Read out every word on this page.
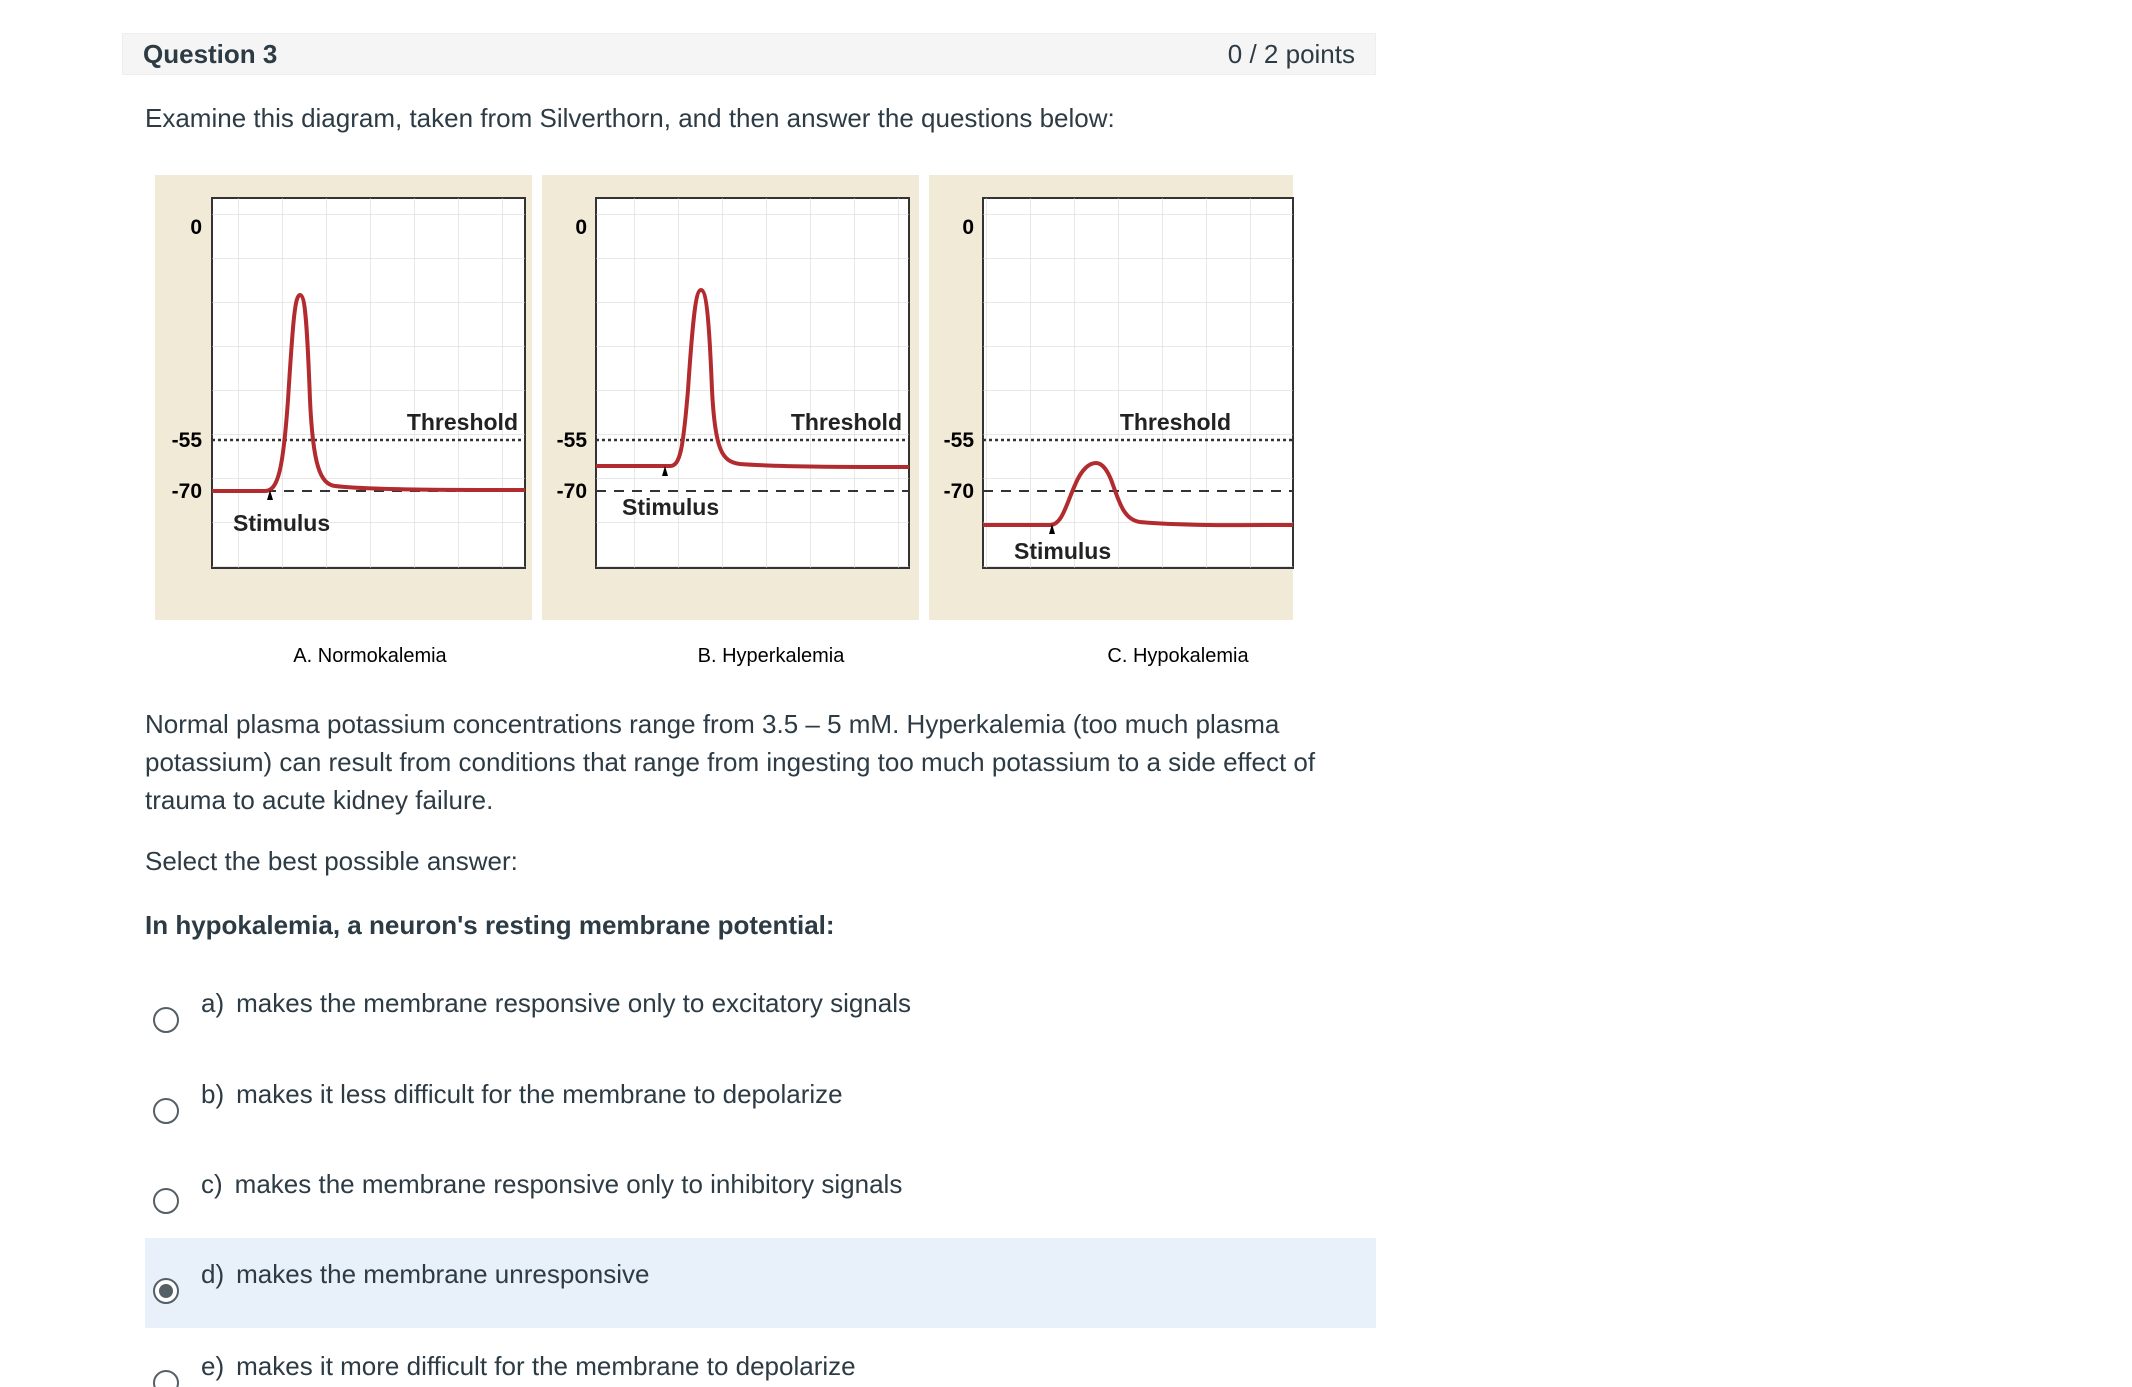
Question 3	0 / 2 points
Examine this diagram, taken from Silverthorn, and then answer the questions below:
0
-55
-70
Threshold
Stimulus
A. Normokalemia
0
-55
-70
Threshold
Stimulus
B. Hyperkalemia
0
-55
-70
Threshold
Stimulus
C. Hypokalemia
Normal plasma potassium concentrations range from 3.5 – 5 mM. Hyperkalemia (too much plasma potassium) can result from conditions that range from ingesting too much potassium to a side effect of trauma to acute kidney failure.
Select the best possible answer:
In hypokalemia, a neuron's resting membrane potential:
a) makes the membrane responsive only to excitatory signals
b) makes it less difficult for the membrane to depolarize
c) makes the membrane responsive only to inhibitory signals
d) makes the membrane unresponsive
e) makes it more difficult for the membrane to depolarize
